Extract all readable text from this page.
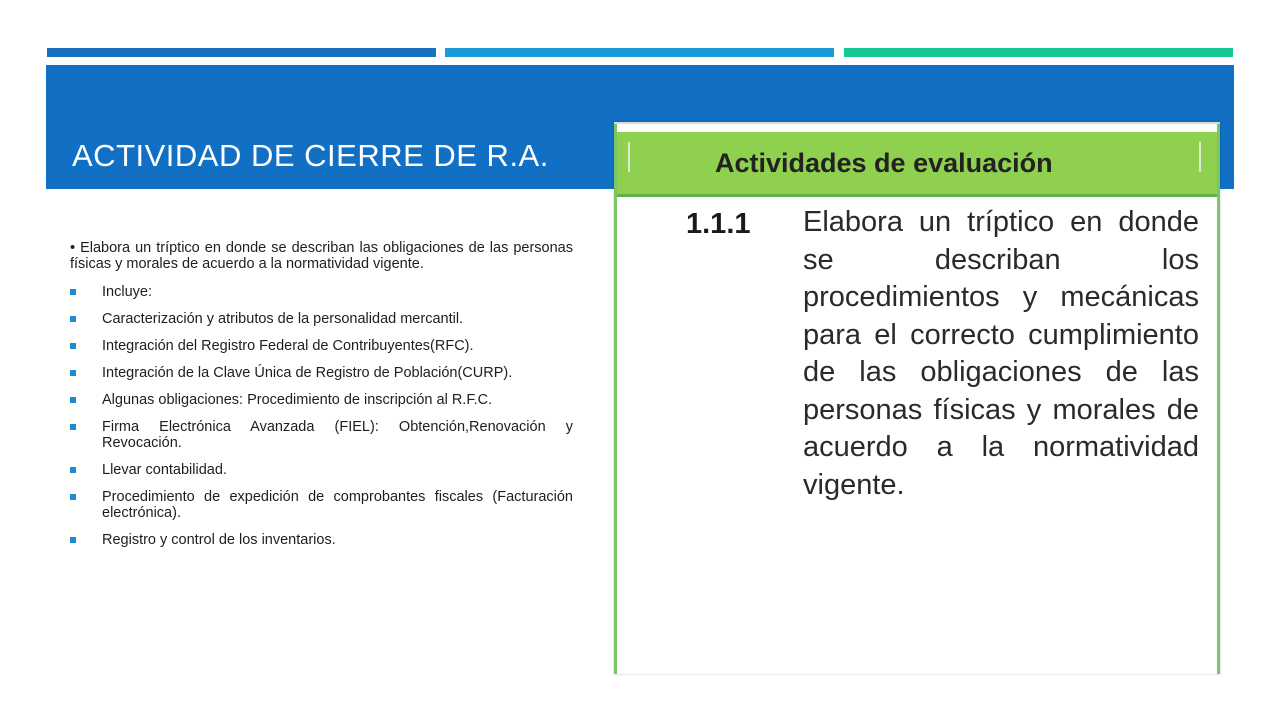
ACTIVIDAD DE CIERRE DE R.A.

• Elabora un tríptico en donde se describan las obligaciones de las personas físicas y morales de acuerdo a la normatividad vigente.

Incluye:
Caracterización y atributos de la personalidad mercantil.
Integración del Registro Federal de Contribuyentes(RFC).
Integración de la Clave Única de Registro de Población(CURP).
Algunas obligaciones: Procedimiento de inscripción al R.F.C.
Firma Electrónica Avanzada (FIEL): Obtención,Renovación y Revocación.
Llevar contabilidad.
Procedimiento de expedición de comprobantes fiscales (Facturación electrónica).
Registro y control de los inventarios.
Actividades de evaluación
1.1.1 Elabora un tríptico en donde se describan los procedimientos y mecánicas para el correcto cumplimiento de las obligaciones de las personas físicas y morales de acuerdo a la normatividad vigente.
